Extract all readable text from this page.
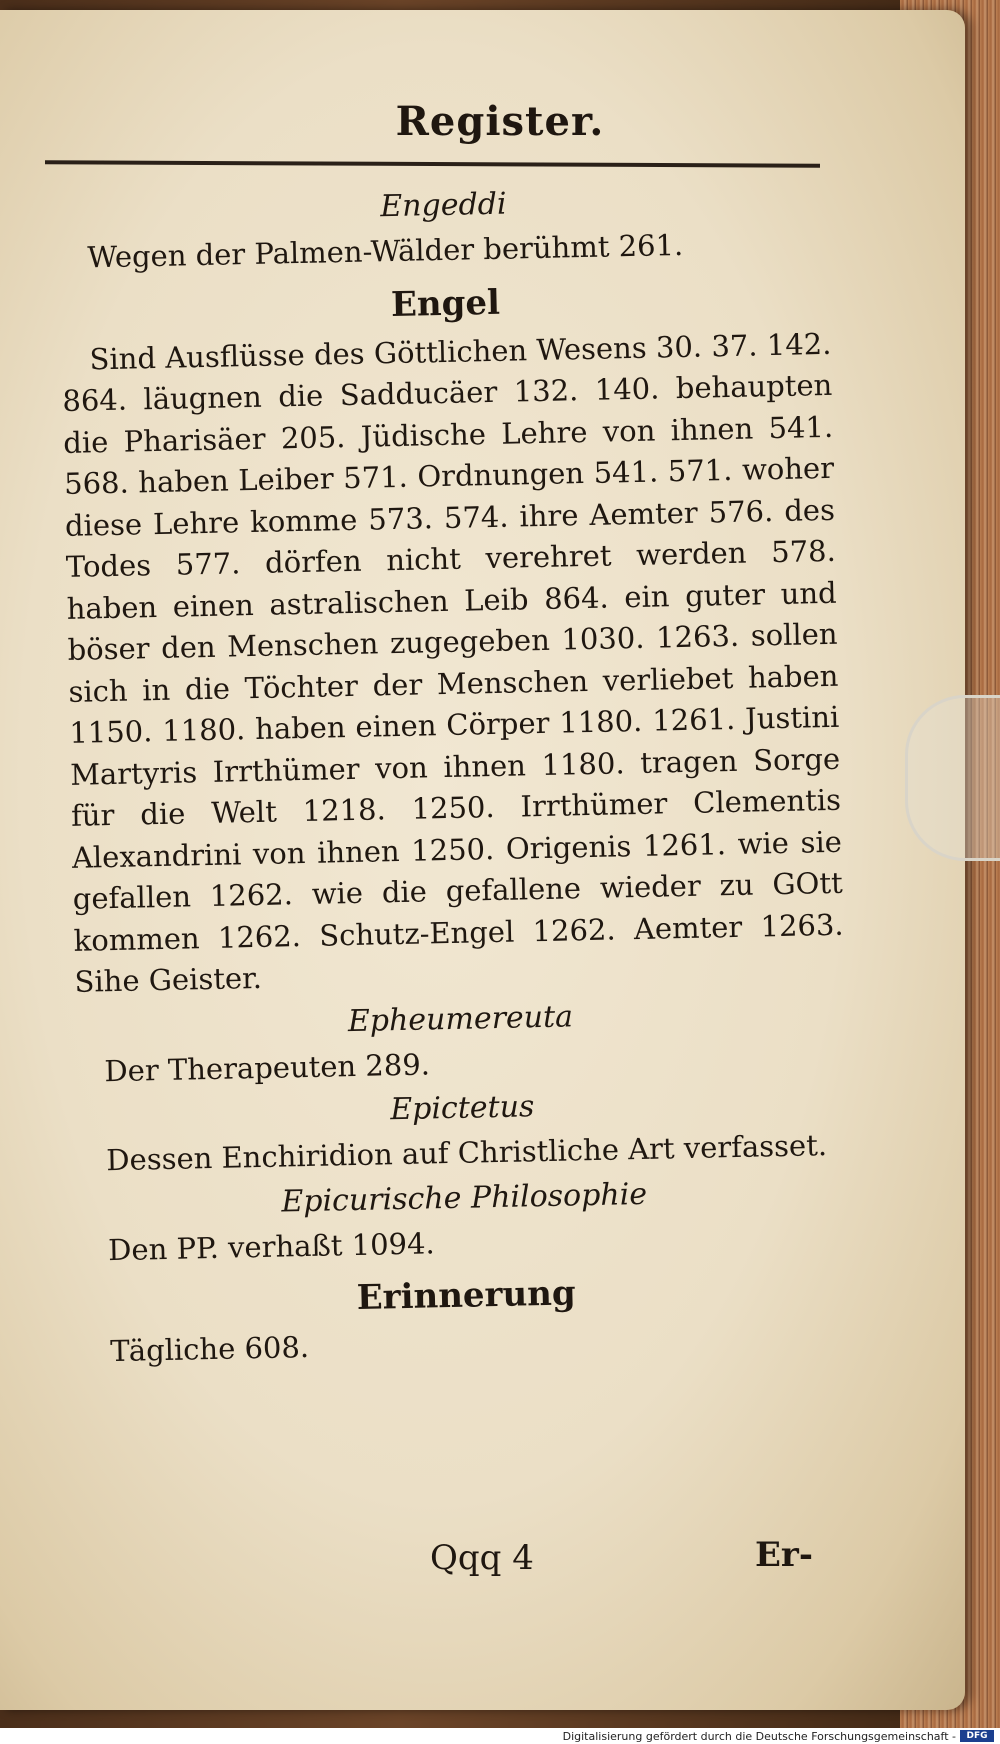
Register.
Engeddi
Wegen der Palmen-Wälder berühmt 261.
Engel
Sind Ausflüsse des Göttlichen Wesens 30. 37. 142. 864. läugnen die Sadducäer 132. 140. behaupten die Pharisäer 205. Jüdische Lehre von ihnen 541. 568. haben Leiber 571. Ordnungen 541. 571. woher diese Lehre komme 573. 574. ihre Aemter 576. des Todes 577. dörfen nicht verehret werden 578. haben einen astralischen Leib 864. ein guter und böser den Menschen zugegeben 1030. 1263. sollen sich in die Töchter der Menschen verliebet haben 1150. 1180. haben einen Cörper 1180. 1261. Justini Martyris Irrthümer von ihnen 1180. tragen Sorge für die Welt 1218. 1250. Irrthümer Clementis Alexandrini von ihnen 1250. Origenis 1261. wie sie gefallen 1262. wie die gefallene wieder zu GOtt kommen 1262. Schutz-Engel 1262. Aemter 1263. Sihe Geister.
Epheumereuta
Der Therapeuten 289.
Epictetus
Dessen Enchiridion auf Christliche Art verfasset.
Epicurische Philosophie
Den PP. verhaßt 1094.
Erinnerung
Tägliche 608.
Qqq 4	Er-
Digitalisierung gefördert durch die Deutsche Forschungsgemeinschaft -	DFG
